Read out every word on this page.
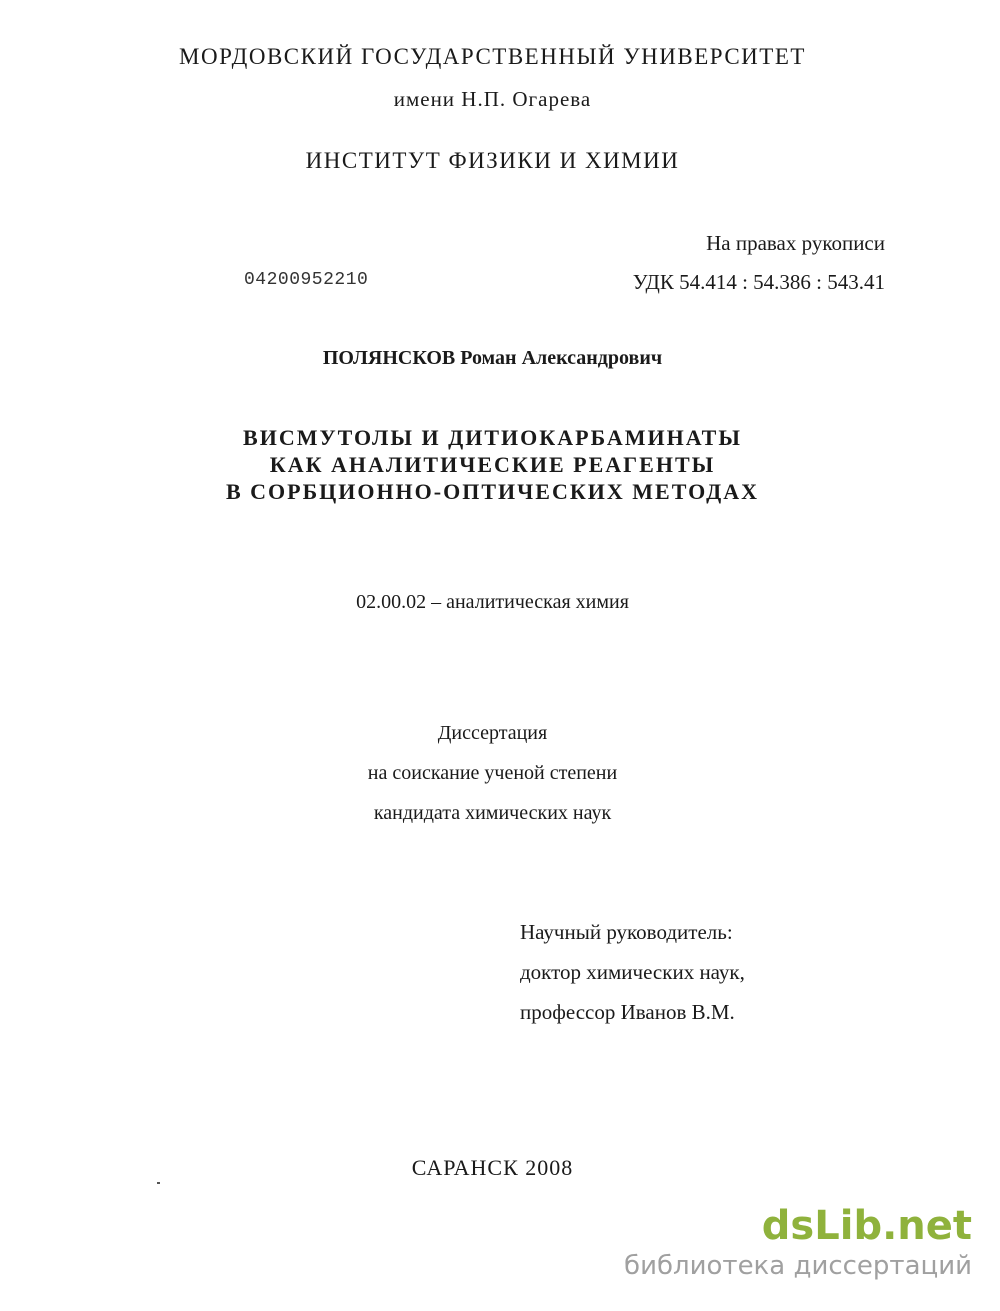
МОРДОВСКИЙ ГОСУДАРСТВЕННЫЙ УНИВЕРСИТЕТ
имени Н.П. Огарева
ИНСТИТУТ ФИЗИКИ И ХИМИИ
На правах рукописи
04200952210	УДК 54.414 : 54.386 : 543.41
ПОЛЯНСКОВ Роман Александрович
ВИСМУТОЛЫ И ДИТИОКАРБАМИНАТЫ
КАК АНАЛИТИЧЕСКИЕ РЕАГЕНТЫ
В СОРБЦИОННО-ОПТИЧЕСКИХ МЕТОДАХ
02.00.02 – аналитическая химия
Диссертация
на соискание ученой степени
кандидата химических наук
Научный руководитель:
доктор химических наук,
профессор Иванов В.М.
САРАНСК 2008
dsLib.net
библиотека диссертаций
